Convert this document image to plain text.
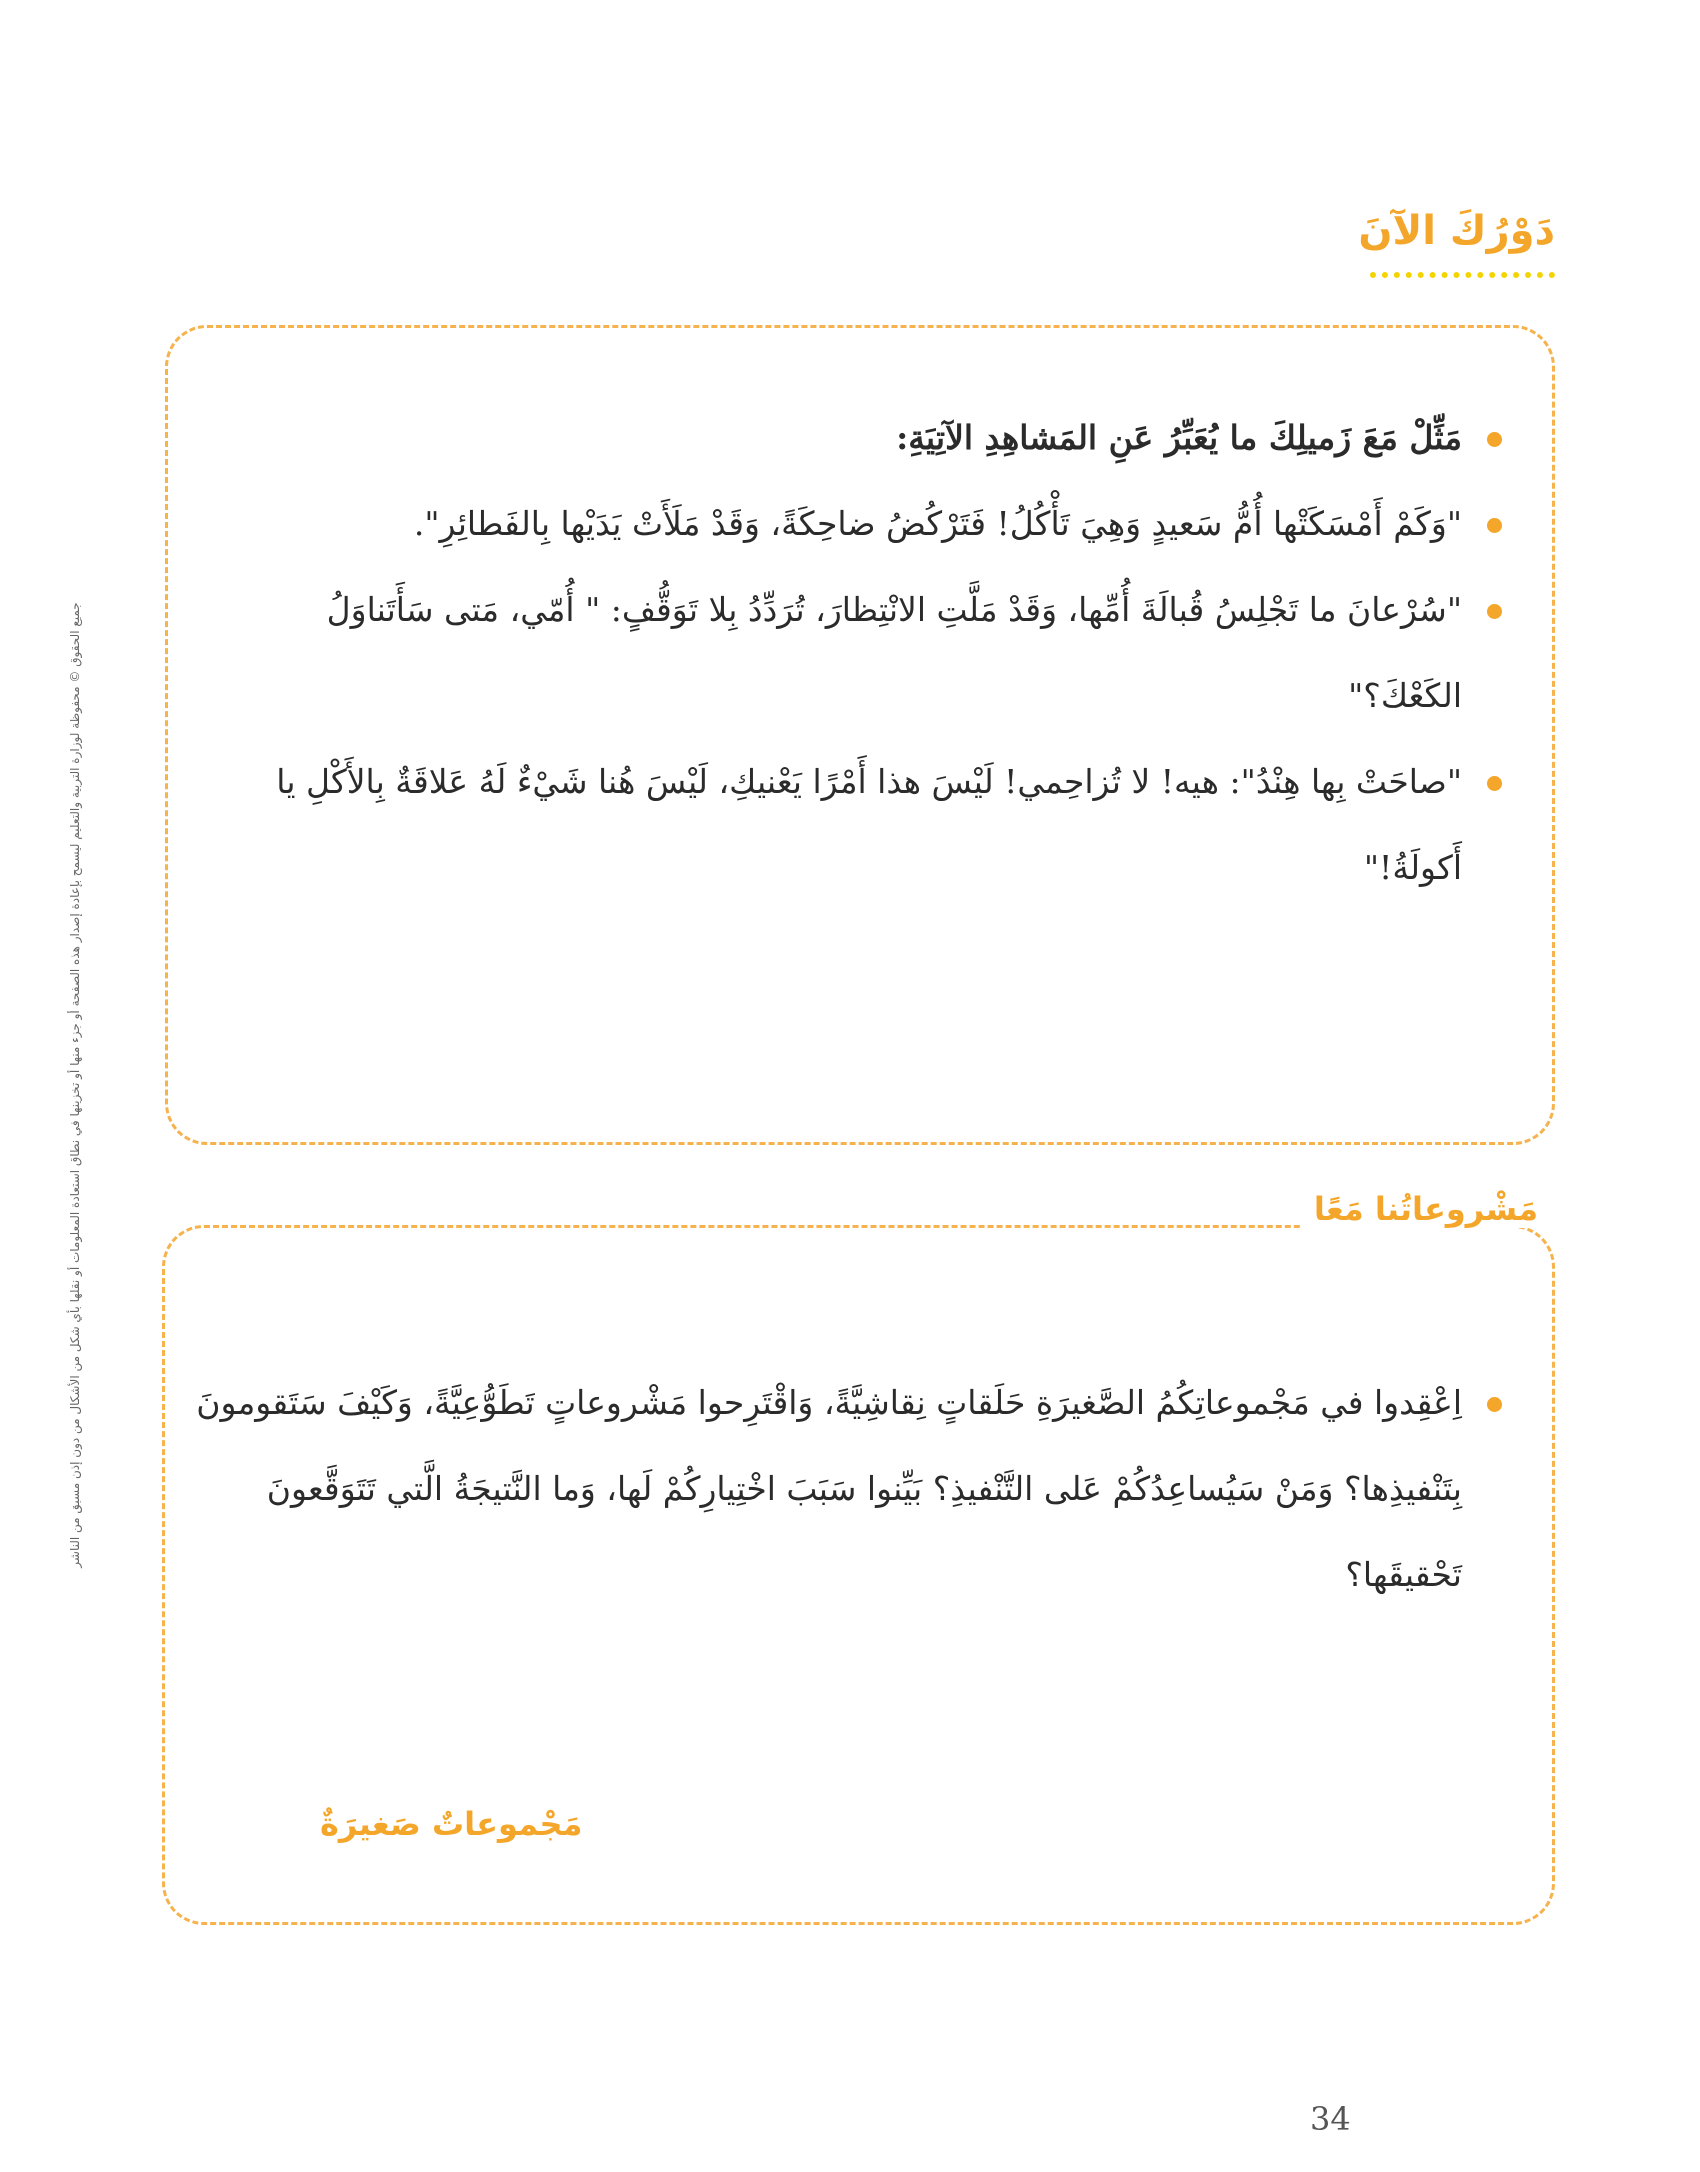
جميع الحقوق © محفوظة لوزارة التربية والتعليم ليسمح بإعادة إصدار هذه الصفحة أو جزء منها أو تخزينها في نطاق استعادة المعلومات أو نقلها بأي شكل من الأشكال من دون إذن مسبق من الناشر
دَوْرُكَ الآنَ
مَثِّلْ مَعَ زَميلِكَ ما يُعَبِّرُ عَنِ المَشاهِدِ الآتِيَةِ:
"وَكَمْ أَمْسَكَتْها أُمُّ سَعيدٍ وَهِيَ تَأْكُلُ! فَتَرْكُضُ ضاحِكَةً، وَقَدْ مَلَأَتْ يَدَيْها بِالفَطائِرِ".
"سُرْعانَ ما تَجْلِسُ قُبالَةَ أُمِّها، وَقَدْ مَلَّتِ الانْتِظارَ، تُرَدِّدُ بِلا تَوَقُّفٍ: " أُمّي، مَتى سَأَتَناوَلُ الكَعْكَ؟"
"صاحَتْ بِها هِنْدُ": هيه! لا تُزاحِمي! لَيْسَ هذا أَمْرًا يَعْنيكِ، لَيْسَ هُنا شَيْءٌ لَهُ عَلاقَةٌ بِالأَكْلِ يا أَكولَةُ!"
مَشْروعاتُنا مَعًا
اِعْقِدوا في مَجْموعاتِكُمُ الصَّغيرَةِ حَلَقاتٍ نِقاشِيَّةً، وَاقْتَرِحوا مَشْروعاتٍ تَطَوُّعِيَّةً، وَكَيْفَ سَتَقومونَ بِتَنْفيذِها؟ وَمَنْ سَيُساعِدُكُمْ عَلى التَّنْفيذِ؟ بَيِّنوا سَبَبَ اخْتِيارِكُمْ لَها، وَما النَّتيجَةُ الَّتي تَتَوَقَّعونَ تَحْقيقَها؟
مَجْموعاتٌ صَغيرَةٌ
34
